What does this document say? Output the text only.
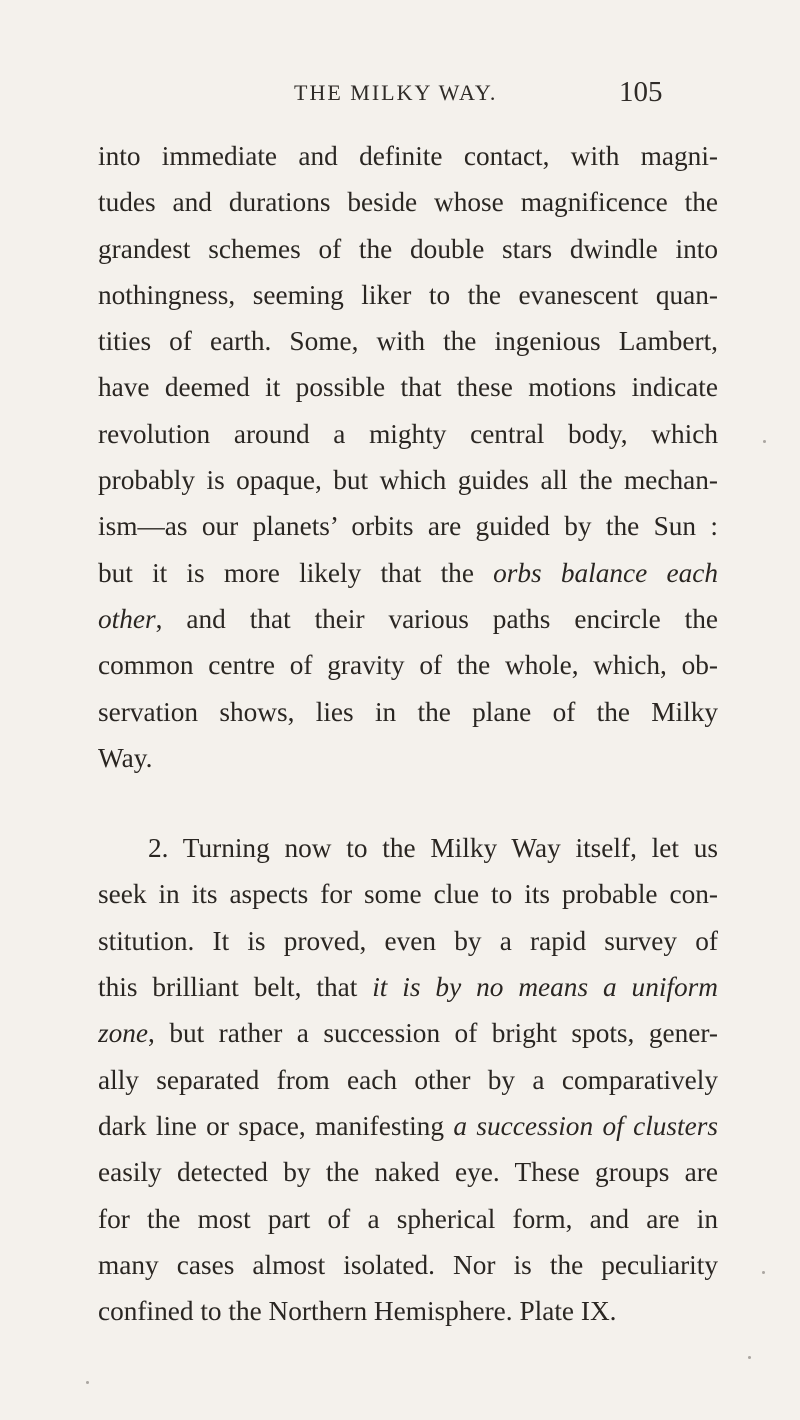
THE MILKY WAY.	105
into immediate and definite contact, with magni-
tudes and durations beside whose magnificence the
grandest schemes of the double stars dwindle into
nothingness, seeming liker to the evanescent quan-
tities of earth. Some, with the ingenious Lambert,
have deemed it possible that these motions indicate
revolution around a mighty central body, which
probably is opaque, but which guides all the mechan-
ism—as our planets’ orbits are guided by the Sun :
but it is more likely that the orbs balance each
other, and that their various paths encircle the
common centre of gravity of the whole, which, ob-
servation shows, lies in the plane of the Milky
Way.
2. Turning now to the Milky Way itself, let us
seek in its aspects for some clue to its probable con-
stitution. It is proved, even by a rapid survey of
this brilliant belt, that it is by no means a uniform
zone, but rather a succession of bright spots, gener-
ally separated from each other by a comparatively
dark line or space, manifesting a succession of clusters
easily detected by the naked eye. These groups are
for the most part of a spherical form, and are in
many cases almost isolated. Nor is the peculiarity
confined to the Northern Hemisphere. Plate IX.
